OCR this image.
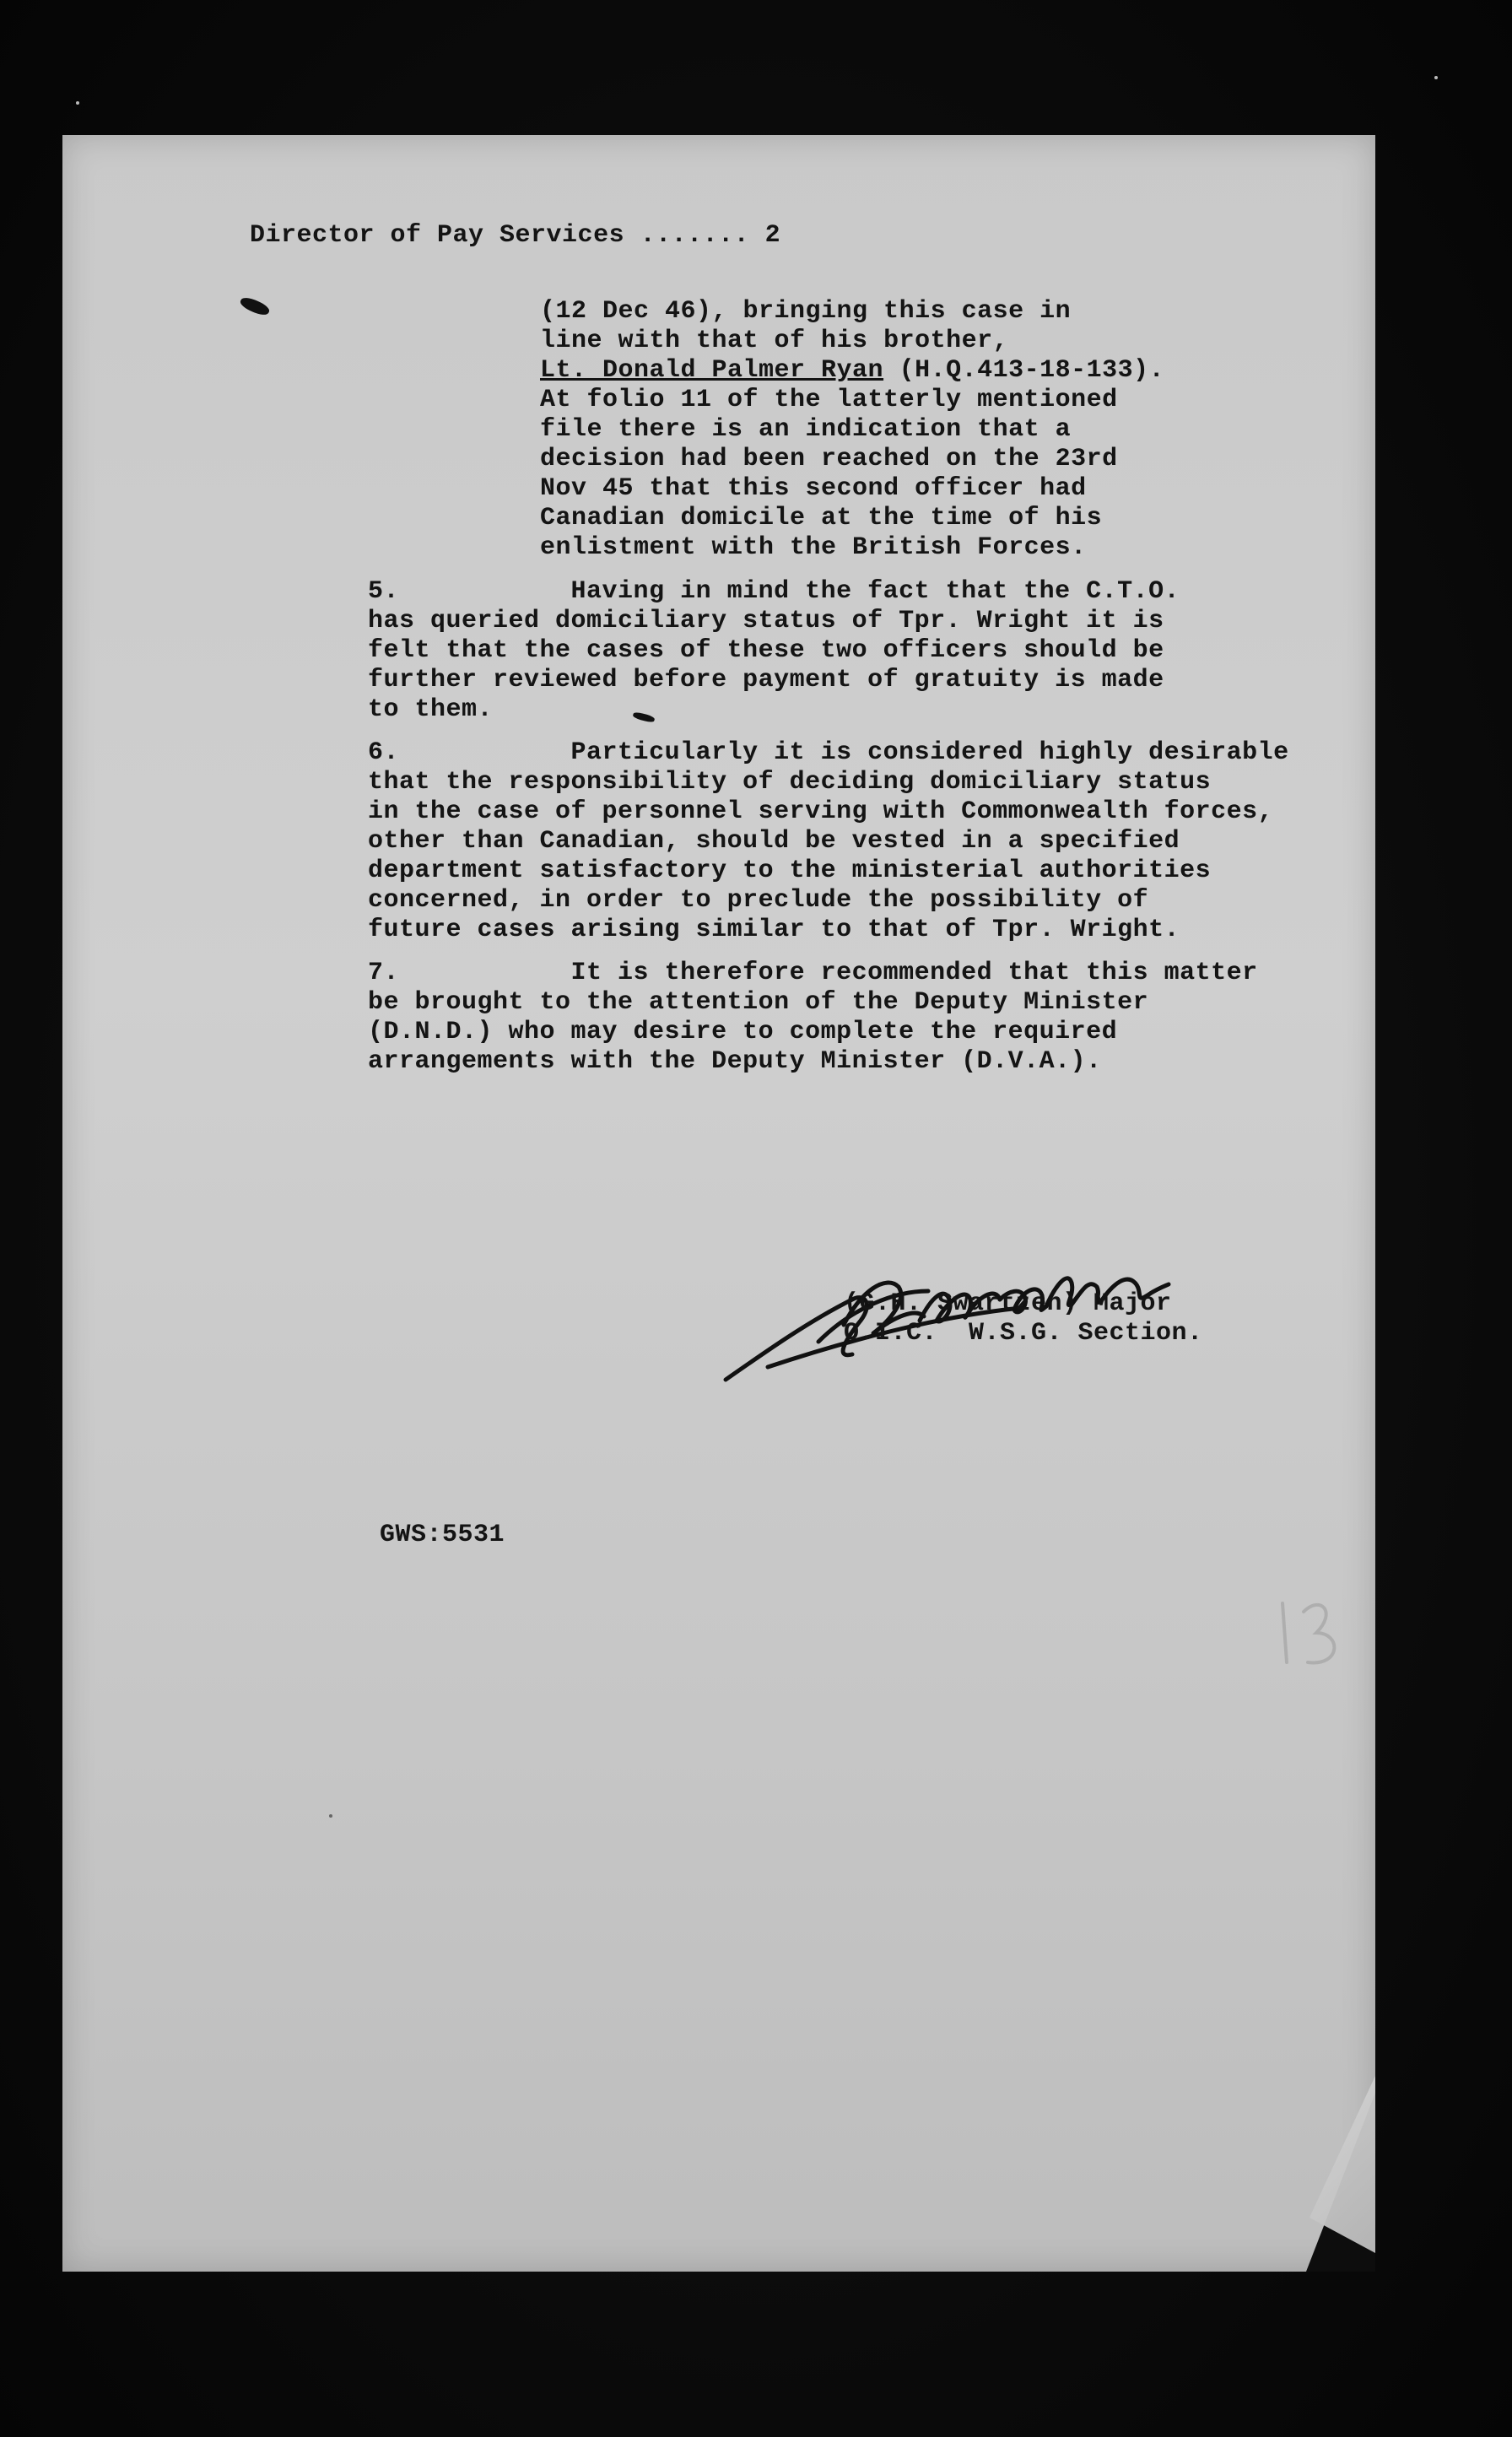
Director of Pay Services ....... 2

(12 Dec 46), bringing this case in
line with that of his brother,
Lt. Donald Palmer Ryan (H.Q.413-18-133).
At folio 11 of the latterly mentioned
file there is an indication that a
decision had been reached on the 23rd
Nov 45 that this second officer had
Canadian domicile at the time of his
enlistment with the British Forces.
5.           Having in mind the fact that the C.T.O.
has queried domiciliary status of Tpr. Wright it is
felt that the cases of these two officers should be
further reviewed before payment of gratuity is made
to them.
6.           Particularly it is considered highly desirable
that the responsibility of deciding domiciliary status
in the case of personnel serving with Commonwealth forces,
other than Canadian, should be vested in a specified
department satisfactory to the ministerial authorities
concerned, in order to preclude the possibility of
future cases arising similar to that of Tpr. Wright.
7.           It is therefore recommended that this matter
be brought to the attention of the Deputy Minister
(D.N.D.) who may desire to complete the required
arrangements with the Deputy Minister (D.V.A.).
(G.H. Swartzen) Major
O.I.C.  W.S.G. Section.

GWS:5531
